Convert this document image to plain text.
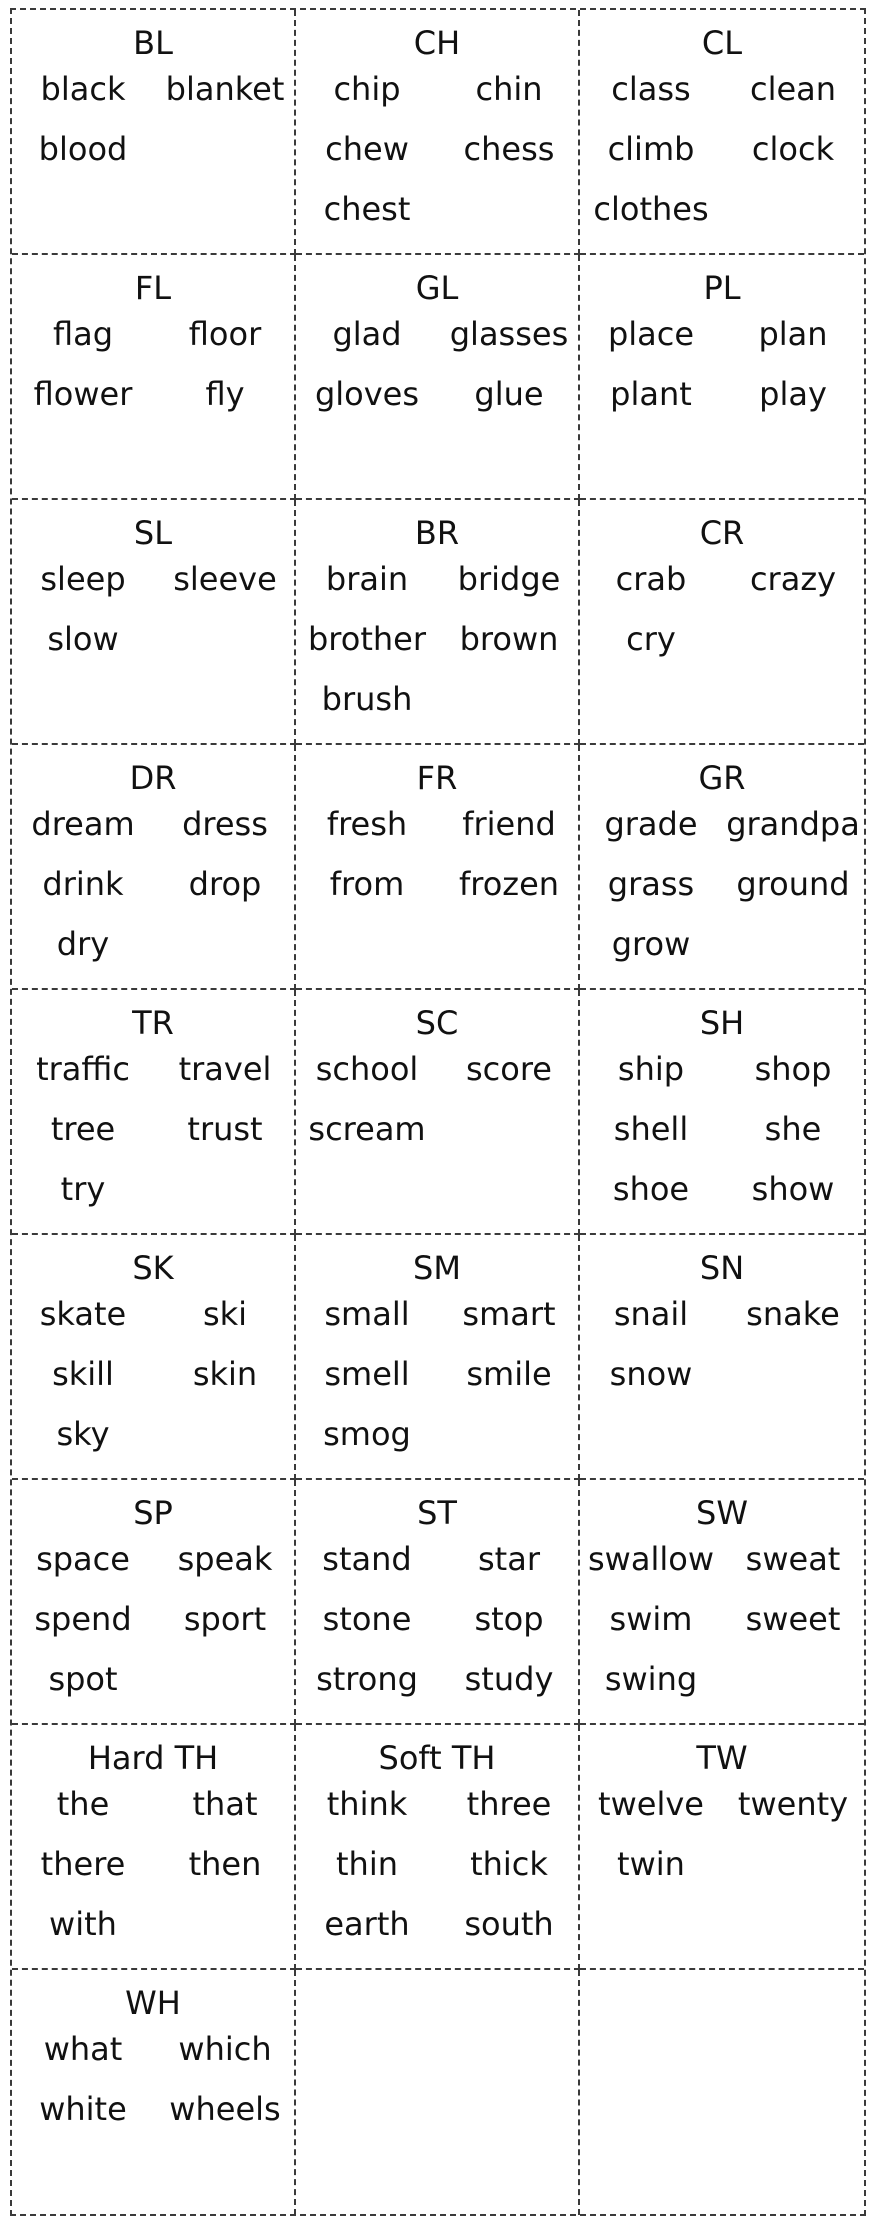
BL
black	blanket
blood
CH
chip	chin
chew	chess
chest
CL
class	clean
climb	clock
clothes
FL
flag	floor
flower	fly
GL
glad	glasses
gloves	glue
PL
place	plan
plant	play
SL
sleep	sleeve
slow
BR
brain	bridge
brother	brown
brush
CR
crab	crazy
cry
DR
dream	dress
drink	drop
dry
FR
fresh	friend
from	frozen
GR
grade grandpa
grass	ground
grow
TR
traffic	travel
tree	trust
try
SC
school	score
scream
SH
ship	shop
shell	she
shoe	show
SK
skate	ski
skill	skin
sky
SM
small	smart
smell	smile
smog
SN
snail	snake
snow
SP
space	speak
spend	sport
spot
ST
stand	star
stone	stop
strong	study
SW
swallow sweat
swim	sweet
swing
Hard TH
the	that
there	then
with
Soft TH
think	three
thin	thick
earth	south
TW
twelve	twenty
twin
WH
what	which
white	wheels
